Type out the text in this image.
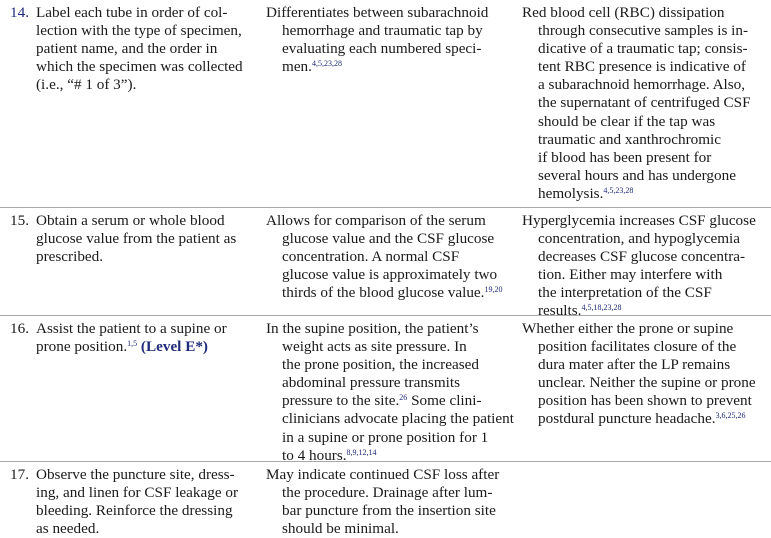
14. Label each tube in order of col-
lection with the type of specimen,
patient name, and the order in
which the specimen was collected
(i.e., “# 1 of 3”).
Differentiates between subarachnoid
hemorrhage and traumatic tap by
evaluating each numbered speci-
men.$^{4,5,23,28}$
Red blood cell (RBC) dissipation
through consecutive samples is in-
dicative of a traumatic tap; consis-
tent RBC presence is indicative of
a subarachnoid hemorrhage. Also,
the supernatant of centrifuged CSF
should be clear if the tap was
traumatic and xanthrochromic
if blood has been present for
several hours and has undergone
hemolysis.$^{4,5,23,28}$
15. Obtain a serum or whole blood
glucose value from the patient as
prescribed.
Allows for comparison of the serum
glucose value and the CSF glucose
concentration. A normal CSF
glucose value is approximately two
thirds of the blood glucose value.$^{19,20}$
Hyperglycemia increases CSF glucose
concentration, and hypoglycemia
decreases CSF glucose concentra-
tion. Either may interfere with
the interpretation of the CSF
results.$^{4,5,18,23,28}$
16. Assist the patient to a supine or
prone position.$^{1,5}$ (Level E*)
In the supine position, the patient’s
weight acts as site pressure. In
the prone position, the increased
abdominal pressure transmits
pressure to the site.$^{26}$ Some clini-
clinicians advocate placing the patient
in a supine or prone position for 1
to 4 hours.$^{8,9,12,14}$
Whether either the prone or supine
position facilitates closure of the
dura mater after the LP remains
unclear. Neither the supine or prone
position has been shown to prevent
postdural puncture headache.$^{3,6,25,26}$
17. Observe the puncture site, dress-
ing, and linen for CSF leakage or
bleeding. Reinforce the dressing
as needed.
May indicate continued CSF loss after
the procedure. Drainage after lum-
bar puncture from the insertion site
should be minimal.
